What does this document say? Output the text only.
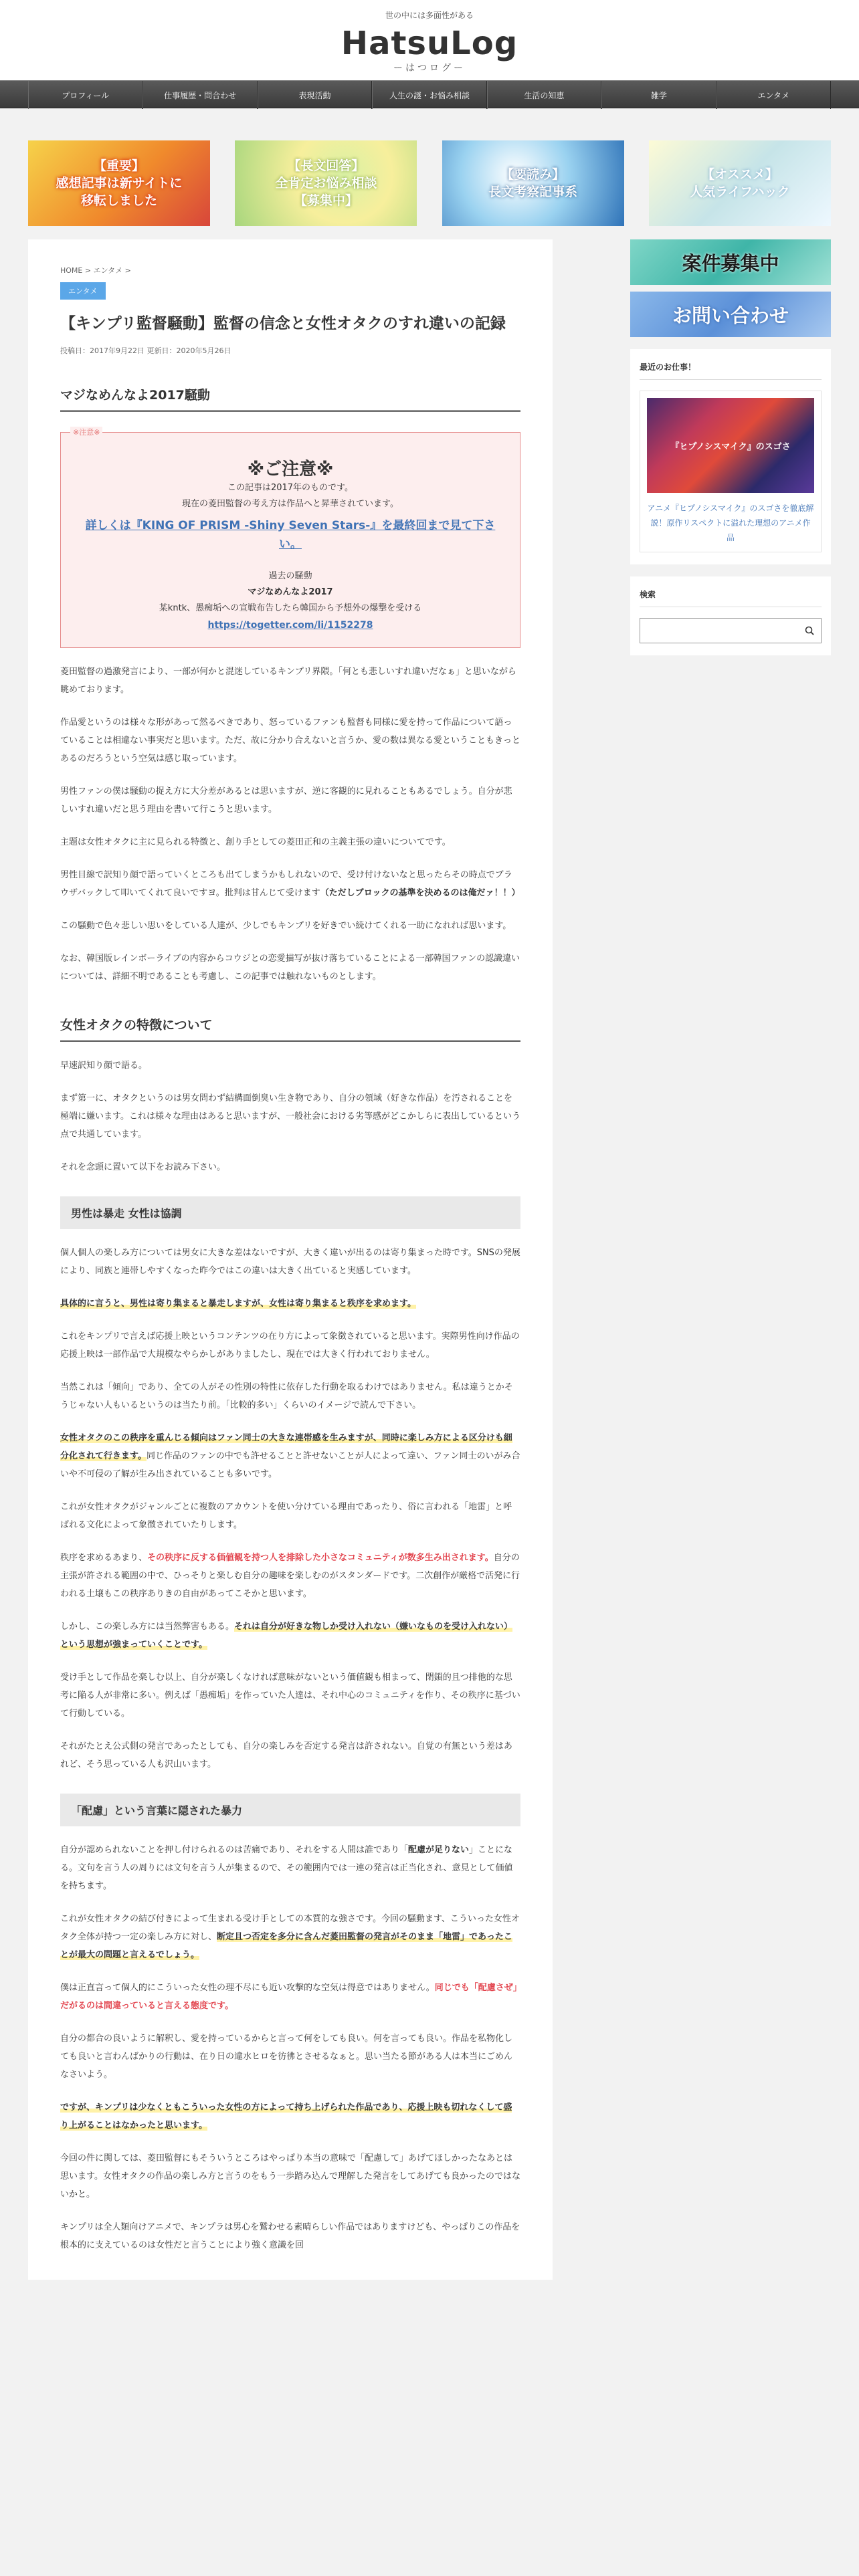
世の中には多面性がある
HatsuLog
ーはつログー
プロフィール	仕事履歴・問合わせ	表現活動	人生の謎・お悩み相談	生活の知恵	雑学	エンタメ
【重要】
感想記事は新サイトに
移転しました
【長文回答】
全肯定お悩み相談
【募集中】
【要読み】
長文考察記事系
【オススメ】
人気ライフハック
HOME > エンタメ >
エンタメ
【キンプリ監督騒動】監督の信念と女性オタクのすれ違いの記録
投稿日：2017年9月22日 更新日：2020年5月26日
マジなめんなよ2017騒動
※注意※
※ご注意※
この記事は2017年のものです。
現在の菱田監督の考え方は作品へと昇華されています。
詳しくは『KING OF PRISM -Shiny Seven Stars-』を最終回まで見て下さい。
過去の騒動
マジなめんなよ2017
某kntk、愚痴垢への宣戦布告したら韓国から予想外の爆撃を受ける
https://togetter.com/li/1152278

菱田監督の過激発言により、一部が何かと混迷しているキンプリ界隈。「何とも悲しいすれ違いだなぁ」と思いながら眺めております。

作品愛というのは様々な形があって然るべきであり、怒っているファンも監督も同様に愛を持って作品について語っていることは相違ない事実だと思います。ただ、故に分かり合えないと言うか、愛の数は異なる愛ということもきっとあるのだろうという空気は感じ取っています。

男性ファンの僕は騒動の捉え方に大分差があるとは思いますが、逆に客観的に見れることもあるでしょう。自分が悲しいすれ違いだと思う理由を書いて行こうと思います。

主題は女性オタクに主に見られる特徴と、創り手としての菱田正和の主義主張の違いについてです。

男性目線で訳知り顔で語っていくところも出てしまうかもしれないので、受け付けないなと思ったらその時点でブラウザバックして叩いてくれて良いですヨ。批判は甘んじて受けます（ただしブロックの基準を決めるのは俺だァ！！）

この騒動で色々悲しい思いをしている人達が、少しでもキンプリを好きでい続けてくれる一助になれれば思います。

なお、韓国版レインボーライブの内容からコウジとの恋愛描写が抜け落ちていることによる一部韓国ファンの認識違いについては、詳細不明であることも考慮し、この記事では触れないものとします。

女性オタクの特徴について

早速訳知り顔で語る。

まず第一に、オタクというのは男女問わず結構面倒臭い生き物であり、自分の領域（好きな作品）を汚されることを極端に嫌います。これは様々な理由はあると思いますが、一般社会における劣等感がどこかしらに表出しているという点で共通しています。

それを念頭に置いて以下をお読み下さい。

男性は暴走 女性は協調

個人個人の楽しみ方については男女に大きな差はないですが、大きく違いが出るのは寄り集まった時です。SNSの発展により、同族と連帯しやすくなった昨今ではこの違いは大きく出ていると実感しています。

具体的に言うと、男性は寄り集まると暴走しますが、女性は寄り集まると秩序を求めます。

これをキンプリで言えば応援上映というコンテンツの在り方によって象徴されていると思います。実際男性向け作品の応援上映は一部作品で大規模なやらかしがありましたし、現在では大きく行われておりません。

当然これは「傾向」であり、全ての人がその性別の特性に依存した行動を取るわけではありません。私は違うとかそうじゃない人もいるというのは当たり前。「比較的多い」くらいのイメージで読んで下さい。

女性オタクのこの秩序を重んじる傾向はファン同士の大きな連帯感を生みますが、同時に楽しみ方による区分けも細分化されて行きます。同じ作品のファンの中でも許せることと許せないことが人によって違い、ファン同士のいがみ合いや不可侵の了解が生み出されていることも多いです。

これが女性オタクがジャンルごとに複数のアカウントを使い分けている理由であったり、俗に言われる「地雷」と呼ばれる文化によって象徴されていたりします。

秩序を求めるあまり、その秩序に反する価値観を持つ人を排除した小さなコミュニティが数多生み出されます。自分の主張が許される範囲の中で、ひっそりと楽しむ自分の趣味を楽しむのがスタンダードです。二次創作が厳格で活発に行われる土壌もこの秩序ありきの自由があってこそかと思います。

しかし、この楽しみ方には当然弊害もある。それは自分が好きな物しか受け入れない（嫌いなものを受け入れない）という思想が強まっていくことです。

受け手として作品を楽しむ以上、自分が楽しくなければ意味がないという価値観も相まって、閉鎖的且つ排他的な思考に陥る人が非常に多い。例えば「愚痴垢」を作っていた人達は、それ中心のコミュニティを作り、その秩序に基づいて行動している。

それがたとえ公式側の発言であったとしても、自分の楽しみを否定する発言は許されない。自覚の有無という差はあれど、そう思っている人も沢山います。

「配慮」という言葉に隠された暴力

自分が認められないことを押し付けられるのは苦痛であり、それをする人間は誰であり「配慮が足りない」ことになる。文句を言う人の周りには文句を言う人が集まるので、その範囲内では一連の発言は正当化され、意見として価値を持ちます。

これが女性オタクの結び付きによって生まれる受け手としての本質的な強さです。今回の騒動ます、こういった女性オタク全体が持つ一定の楽しみ方に対し、断定且つ否定を多分に含んだ菱田監督の発言がそのまま「地雷」であったことが最大の問題と言えるでしょう。

僕は正直言って個人的にこういった女性の理不尽にも近い攻撃的な空気は得意ではありません。同じでも「配慮さぜ」だがるのは間違っていると言える態度です。

自分の都合の良いように解釈し、愛を持っているからと言って何をしても良い。何を言っても良い。作品を私物化しても良いと言わんばかりの行動は、在り日の違水ヒロを彷彿とさせるなぁと。思い当たる節がある人は本当にごめんなさいよう。

ですが、キンプリは少なくともこういった女性の方によって持ち上げられた作品であり、応援上映も切れなくして盛り上がることはなかったと思います。

今回の件に関しては、菱田監督にもそういうところはやっぱり本当の意味で「配慮して」あげてほしかったなあとは思います。女性オタクの作品の楽しみ方と言うのをもう一歩踏み込んで理解した発言をしてあげても良かったのではないかと。

キンプリは全人類向けアニメで、キンプラは男心を鷲わせる素晴らしい作品ではありますけども、やっぱりこの作品を根本的に支えているのは女性だと言うことにより強く意識を回

案件募集中
お問い合わせ
最近のお仕事！
『ヒプノシスマイク』のスゴさ
アニメ『ヒプノシスマイク』のスゴさを徹底解説！原作リスペクトに溢れた理想のアニメ作品
検索
